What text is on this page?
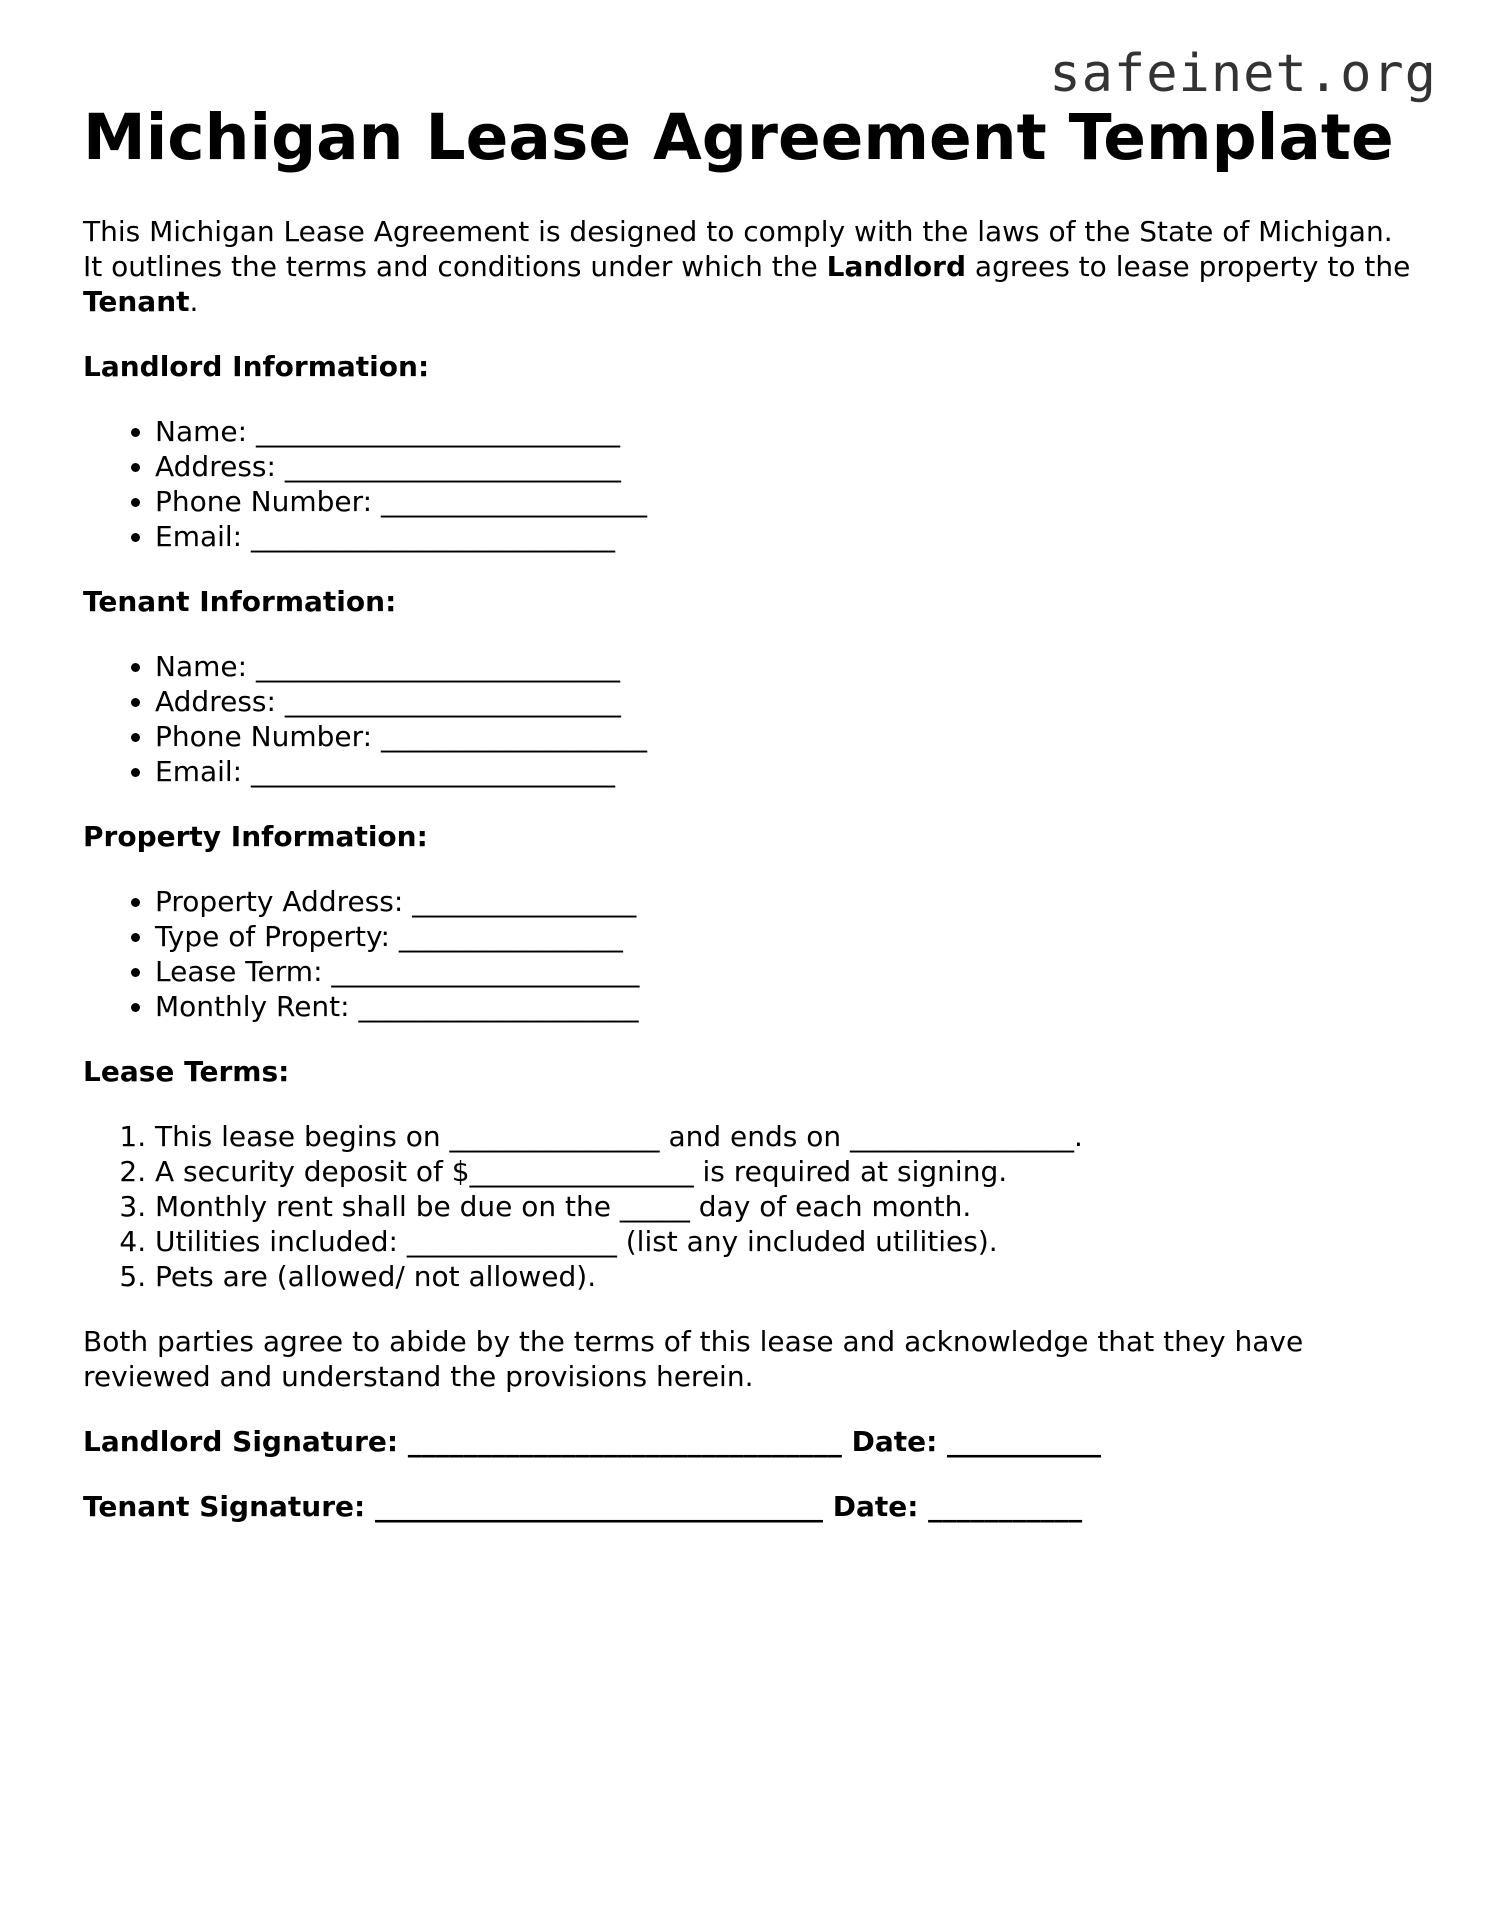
safeinet.org
Michigan Lease Agreement Template

This Michigan Lease Agreement is designed to comply with the laws of the State of Michigan. It outlines the terms and conditions under which the Landlord agrees to lease property to the Tenant.

Landlord Information:
• Name: __________________________
• Address: ________________________
• Phone Number: ___________________
• Email: __________________________
Tenant Information:
• Name: __________________________
• Address: ________________________
• Phone Number: ___________________
• Email: __________________________
Property Information:
• Property Address: ________________
• Type of Property: ________________
• Lease Term: ______________________
• Monthly Rent: ____________________
Lease Terms:
1. This lease begins on _______________ and ends on ________________.
2. A security deposit of $________________ is required at signing.
3. Monthly rent shall be due on the _____ day of each month.
4. Utilities included: _______________ (list any included utilities).
5. Pets are (allowed/ not allowed).

Both parties agree to abide by the terms of this lease and acknowledge that they have reviewed and understand the provisions herein.

Landlord Signature: _______________________________ Date: ___________

Tenant Signature: ________________________________ Date: ___________
